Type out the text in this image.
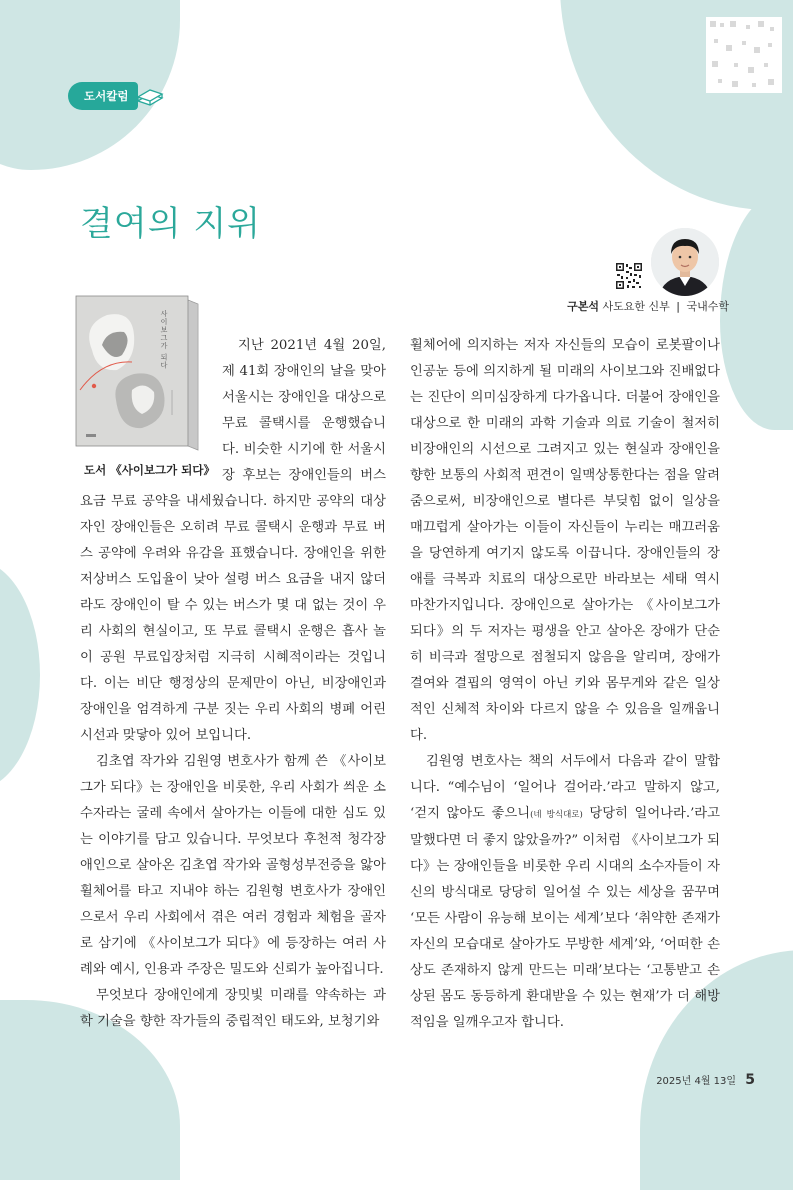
도서칼럼
결여의 지위
구본석 사도요한 신부 | 국내수학
사이보그가 되다
도서 《사이보그가 되다》

지난 2021년 4월 20일, 제 41회 장애인의 날을 맞아 서울시는 장애인을 대상으로 무료 콜택시를 운행했습니다. 비슷한 시기에 한 서울시장 후보는 장애인들의 버스 요금 무료 공약을 내세웠습니다. 하지만 공약의 대상자인 장애인들은 오히려 무료 콜택시 운행과 무료 버스 공약에 우려와 유감을 표했습니다. 장애인을 위한 저상버스 도입율이 낮아 설령 버스 요금을 내지 않더라도 장애인이 탈 수 있는 버스가 몇 대 없는 것이 우리 사회의 현실이고, 또 무료 콜택시 운행은 흡사 놀이 공원 무료입장처럼 지극히 시혜적이라는 것입니다. 이는 비단 행정상의 문제만이 아닌, 비장애인과 장애인을 엄격하게 구분 짓는 우리 사회의 병폐 어린 시선과 맞닿아 있어 보입니다.

김초엽 작가와 김원영 변호사가 함께 쓴 《사이보그가 되다》는 장애인을 비롯한, 우리 사회가 씌운 소수자라는 굴레 속에서 살아가는 이들에 대한 심도 있는 이야기를 담고 있습니다. 무엇보다 후천적 청각장애인으로 살아온 김초엽 작가와 골형성부전증을 앓아 휠체어를 타고 지내야 하는 김원형 변호사가 장애인으로서 우리 사회에서 겪은 여러 경험과 체험을 골자로 삼기에 《사이보그가 되다》에 등장하는 여러 사례와 예시, 인용과 주장은 밀도와 신뢰가 높아집니다.

무엇보다 장애인에게 장밋빛 미래를 약속하는 과학 기술을 향한 작가들의 중립적인 태도와, 보청기와

휠체어에 의지하는 저자 자신들의 모습이 로봇팔이나 인공눈 등에 의지하게 될 미래의 사이보그와 진배없다는 진단이 의미심장하게 다가옵니다. 더불어 장애인을 대상으로 한 미래의 과학 기술과 의료 기술이 철저히 비장애인의 시선으로 그려지고 있는 현실과 장애인을 향한 보통의 사회적 편견이 일맥상통한다는 점을 알려줌으로써, 비장애인으로 별다른 부딪힘 없이 일상을 매끄럽게 살아가는 이들이 자신들이 누리는 매끄러움을 당연하게 여기지 않도록 이끕니다. 장애인들의 장애를 극복과 치료의 대상으로만 바라보는 세태 역시 마찬가지입니다. 장애인으로 살아가는 《사이보그가 되다》의 두 저자는 평생을 안고 살아온 장애가 단순히 비극과 절망으로 점철되지 않음을 알리며, 장애가 결여와 결핍의 영역이 아닌 키와 몸무게와 같은 일상적인 신체적 차이와 다르지 않을 수 있음을 일깨웁니다.

김원영 변호사는 책의 서두에서 다음과 같이 말합니다. “예수님이 ‘일어나 걸어라.’라고 말하지 않고, ‘걷지 않아도 좋으니(네 방식대로) 당당히 일어나라.’라고 말했다면 더 좋지 않았을까?” 이처럼 《사이보그가 되다》는 장애인들을 비롯한 우리 시대의 소수자들이 자신의 방식대로 당당히 일어설 수 있는 세상을 꿈꾸며 ‘모든 사람이 유능해 보이는 세계’보다 ‘취약한 존재가 자신의 모습대로 살아가도 무방한 세계’와, ‘어떠한 손상도 존재하지 않게 만드는 미래’보다는 ‘고통받고 손상된 몸도 동등하게 환대받을 수 있는 현재’가 더 해방적임을 일깨우고자 합니다.

2025년 4월 13일 5
